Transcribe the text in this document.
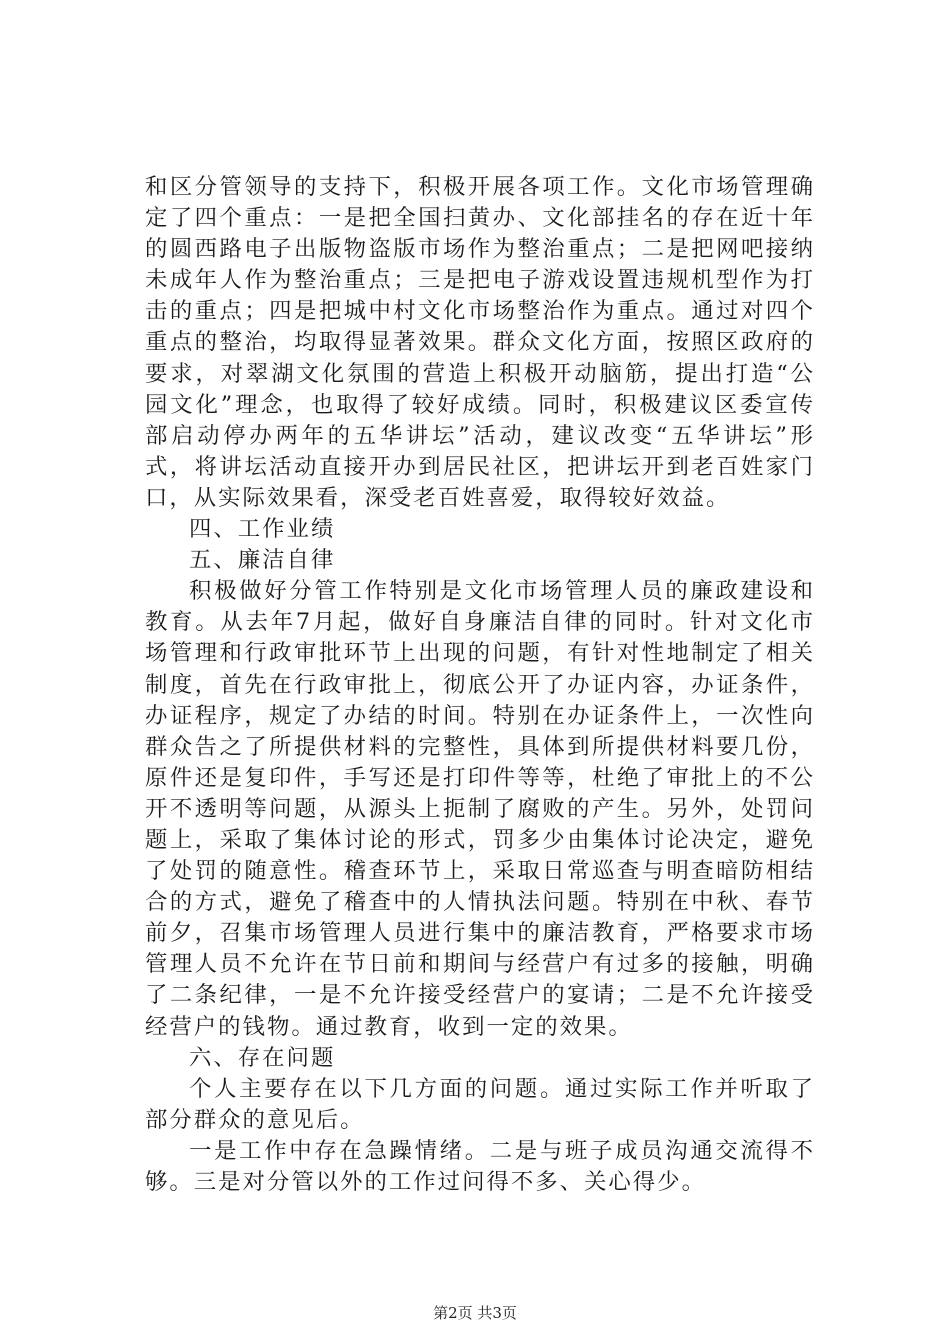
和区分管领导的支持下，积极开展各项工作。文化市场管理确定了四个重点：一是把全国扫黄办、文化部挂名的存在近十年的圆西路电子出版物盗版市场作为整治重点；二是把网吧接纳未成年人作为整治重点；三是把电子游戏设置违规机型作为打击的重点；四是把城中村文化市场整治作为重点。通过对四个重点的整治，均取得显著效果。群众文化方面，按照区政府的要求，对翠湖文化氛围的营造上积极开动脑筋，提出打造“公园文化”理念，也取得了较好成绩。同时，积极建议区委宣传部启动停办两年的五华讲坛”活动，建议改变“五华讲坛”形式，将讲坛活动直接开办到居民社区，把讲坛开到老百姓家门口，从实际效果看，深受老百姓喜爱，取得较好效益。

四、工作业绩

五、廉洁自律

积极做好分管工作特别是文化市场管理人员的廉政建设和教育。从去年7月起，做好自身廉洁自律的同时。针对文化市场管理和行政审批环节上出现的问题，有针对性地制定了相关制度，首先在行政审批上，彻底公开了办证内容，办证条件，办证程序，规定了办结的时间。特别在办证条件上，一次性向群众告之了所提供材料的完整性，具体到所提供材料要几份，原件还是复印件，手写还是打印件等等，杜绝了审批上的不公开不透明等问题，从源头上扼制了腐败的产生。另外，处罚问题上，采取了集体讨论的形式，罚多少由集体讨论决定，避免了处罚的随意性。稽查环节上，采取日常巡查与明查暗防相结合的方式，避免了稽查中的人情执法问题。特别在中秋、春节前夕，召集市场管理人员进行集中的廉洁教育，严格要求市场管理人员不允许在节日前和期间与经营户有过多的接触，明确了二条纪律，一是不允许接受经营户的宴请；二是不允许接受经营户的钱物。通过教育，收到一定的效果。

六、存在问题

个人主要存在以下几方面的问题。通过实际工作并听取了部分群众的意见后。

一是工作中存在急躁情绪。二是与班子成员沟通交流得不够。三是对分管以外的工作过问得不多、关心得少。

第2页 共3页
